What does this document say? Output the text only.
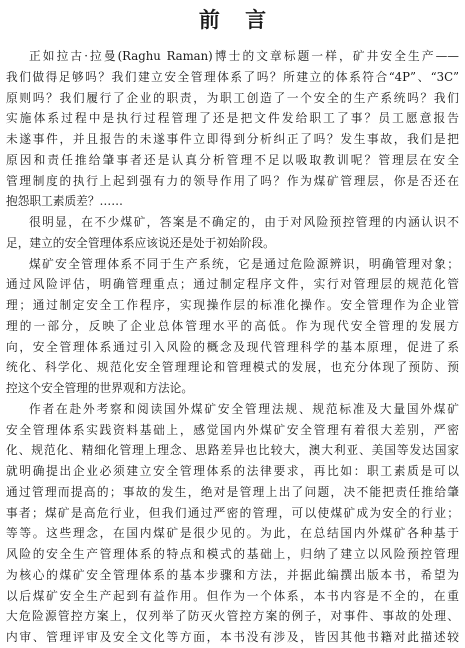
前 言

正如拉古·拉曼(Raghu Raman)博士的文章标题一样，矿井安全生产——
我们做得足够吗？我们建立安全管理体系了吗？所建立的体系符合“4P”、“3C”
原则吗？我们履行了企业的职责，为职工创造了一个安全的生产系统吗？我们
实施体系过程中是执行过程管理了还是把文件发给职工了事？员工愿意报告
未遂事件，并且报告的未遂事件立即得到分析纠正了吗？发生事故，我们是把
原因和责任推给肇事者还是认真分析管理不足以吸取教训呢？管理层在安全
管理制度的执行上起到强有力的领导作用了吗？作为煤矿管理层，你是否还在
抱怨职工素质差？……

很明显，在不少煤矿，答案是不确定的，由于对风险预控管理的内涵认识不
足，建立的安全管理体系应该说还是处于初始阶段。

煤矿安全管理体系不同于生产系统，它是通过危险源辨识，明确管理对象；
通过风险评估，明确管理重点；通过制定程序文件，实行对管理层的规范化管
理；通过制定安全工作程序，实现操作层的标准化操作。安全管理作为企业管
理的一部分，反映了企业总体管理水平的高低。作为现代安全管理的发展方
向，安全管理体系通过引入风险的概念及现代管理科学的基本原理，促进了系
统化、科学化、规范化安全管理理论和管理模式的发展，也充分体现了预防、预
控这个安全管理的世界观和方法论。

作者在赴外考察和阅读国外煤矿安全管理法规、规范标准及大量国外煤矿
安全管理体系实践资料基础上，感觉国内外煤矿安全管理有着很大差别，严密
化、规范化、精细化管理上理念、思路差异也比较大，澳大利亚、美国等发达国家
就明确提出企业必须建立安全管理体系的法律要求，再比如：职工素质是可以
通过管理而提高的；事故的发生，绝对是管理上出了问题，决不能把责任推给肇
事者；煤矿是高危行业，但我们通过严密的管理，可以使煤矿成为安全的行业；
等等。这些理念，在国内煤矿是很少见的。为此，在总结国内外煤矿各种基于
风险的安全生产管理体系的特点和模式的基础上，归纳了建立以风险预控管理
为核心的煤矿安全管理体系的基本步骤和方法，并据此编撰出版本书，希望为
以后煤矿安全生产起到有益作用。但作为一个体系，本书内容是不全的，在重
大危险源管控方案上，仅列举了防灭火管控方案的例子，对事件、事故的处理、
内审、管理评审及安全文化等方面，本书没有涉及，皆因其他书籍对此描述较
